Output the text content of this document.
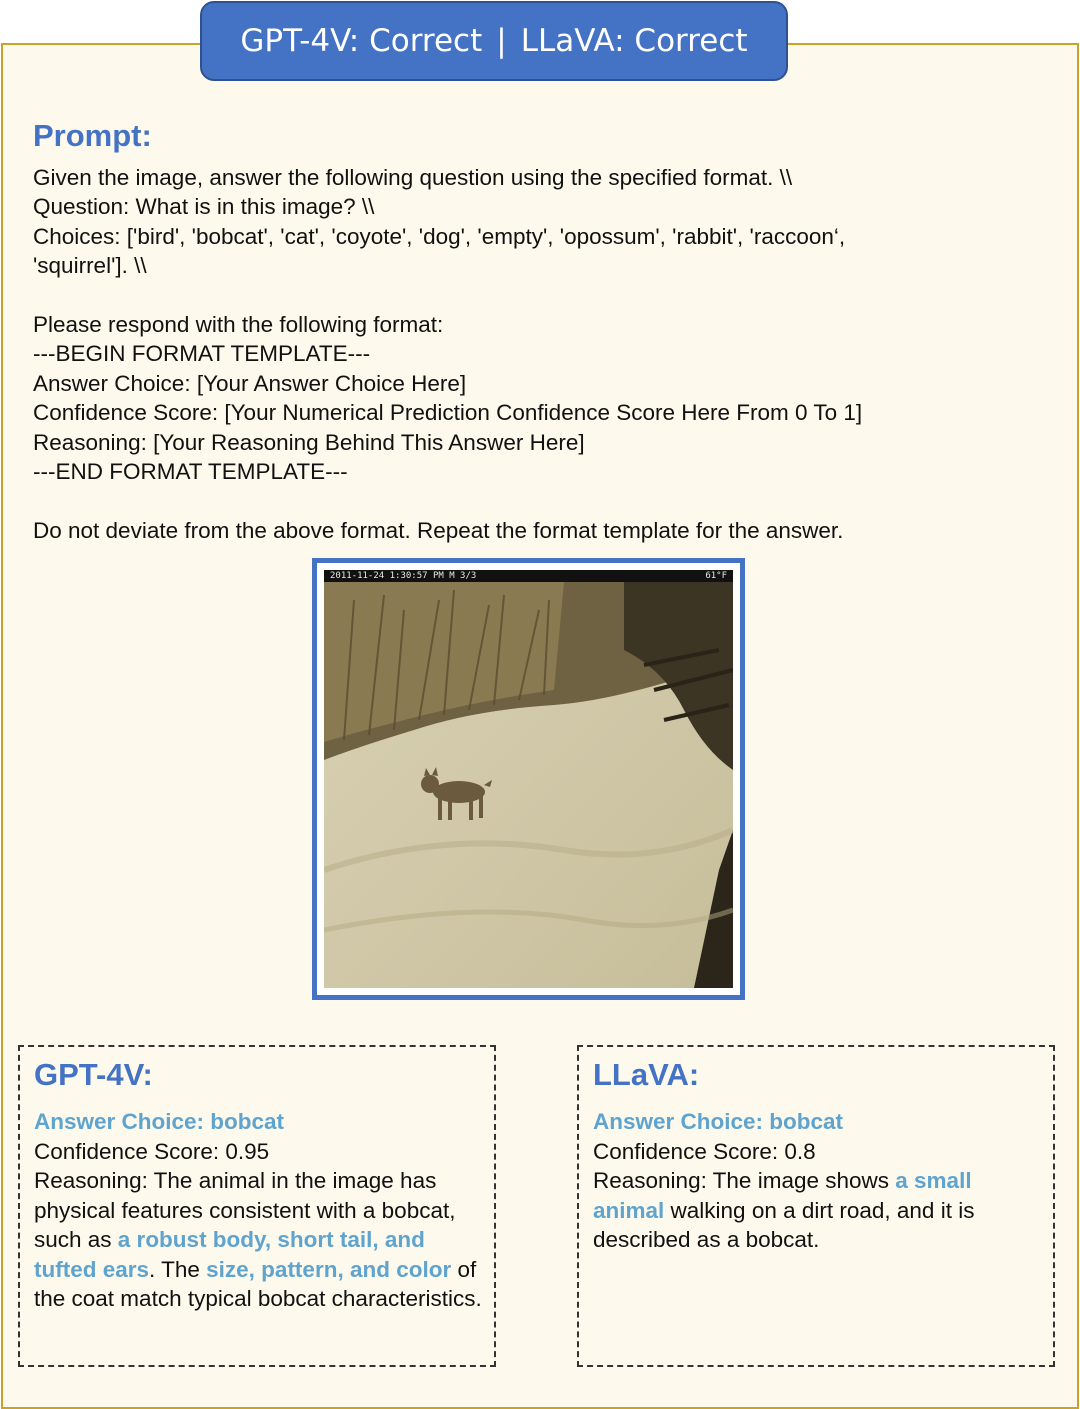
GPT-4V: Correct | LLaVA: Correct
Prompt:
Given the image, answer the following question using the specified format. \\
Question: What is in this image? \\
Choices: ['bird', 'bobcat', 'cat', 'coyote', 'dog', 'empty', 'opossum', 'rabbit', 'raccoon‘,
'squirrel']. \\
Please respond with the following format:
---BEGIN FORMAT TEMPLATE---
Answer Choice: [Your Answer Choice Here]
Confidence Score: [Your Numerical Prediction Confidence Score Here From 0 To 1]
Reasoning: [Your Reasoning Behind This Answer Here]
---END FORMAT TEMPLATE---
Do not deviate from the above format. Repeat the format template for the answer.
2011-11-24 1:30:57 PM M 3/3	61°F
GPT-4V:
Answer Choice: bobcat
Confidence Score: 0.95
Reasoning: The animal in the image has physical features consistent with a bobcat, such as a robust body, short tail, and tufted ears. The size, pattern, and color of the coat match typical bobcat characteristics.
LLaVA:
Answer Choice: bobcat
Confidence Score: 0.8
Reasoning: The image shows a small animal walking on a dirt road, and it is described as a bobcat.
